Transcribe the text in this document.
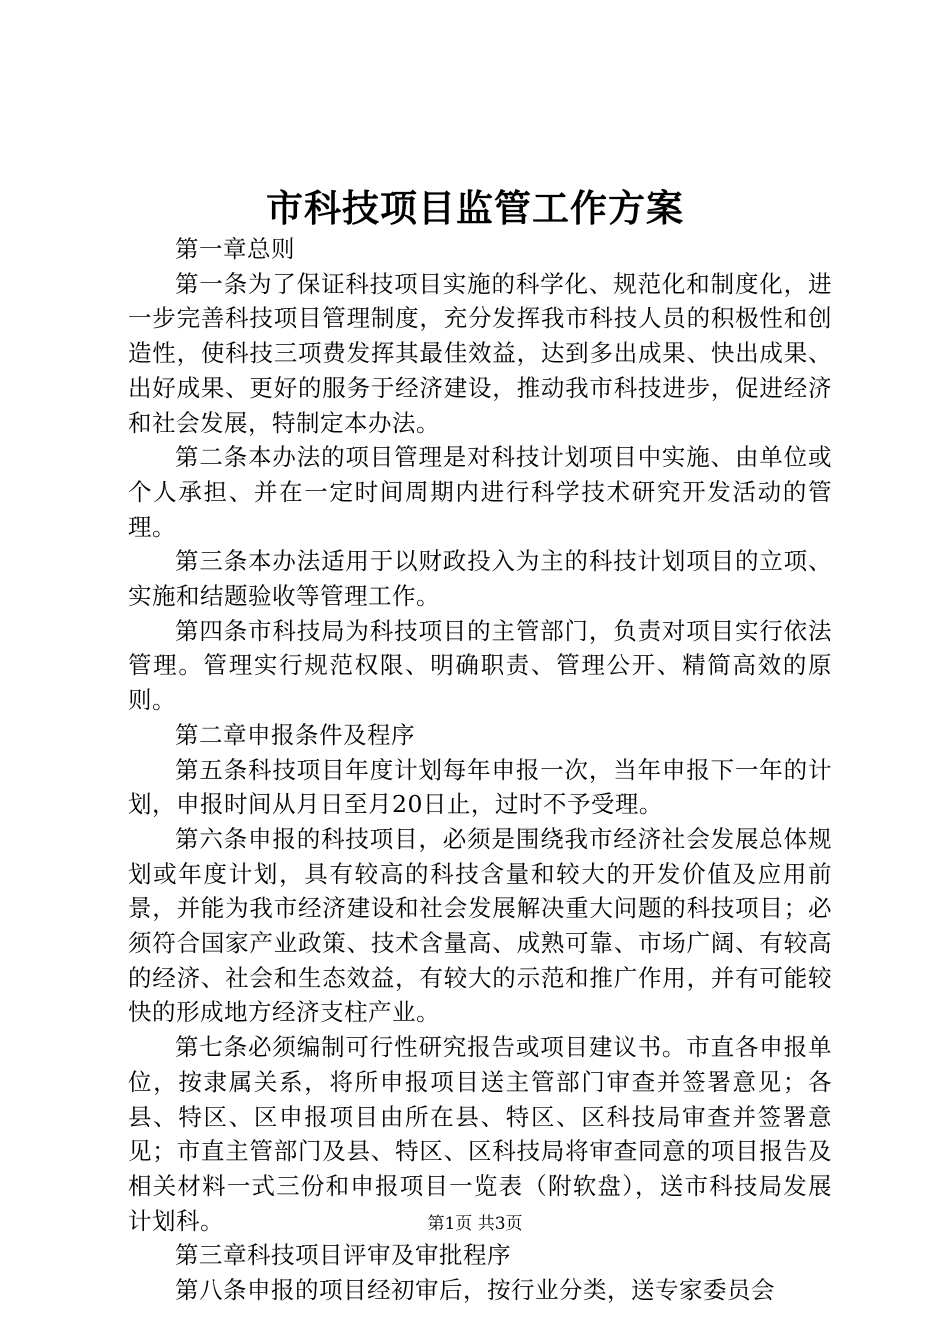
市科技项目监管工作方案

第一章总则

第一条为了保证科技项目实施的科学化、规范化和制度化，进一步完善科技项目管理制度，充分发挥我市科技人员的积极性和创造性，使科技三项费发挥其最佳效益，达到多出成果、快出成果、出好成果、更好的服务于经济建设，推动我市科技进步，促进经济和社会发展，特制定本办法。

第二条本办法的项目管理是对科技计划项目中实施、由单位或个人承担、并在一定时间周期内进行科学技术研究开发活动的管理。

第三条本办法适用于以财政投入为主的科技计划项目的立项、实施和结题验收等管理工作。

第四条市科技局为科技项目的主管部门，负责对项目实行依法管理。管理实行规范权限、明确职责、管理公开、精简高效的原则。

第二章申报条件及程序

第五条科技项目年度计划每年申报一次，当年申报下一年的计划，申报时间从月日至月20日止，过时不予受理。

第六条申报的科技项目，必须是围绕我市经济社会发展总体规划或年度计划，具有较高的科技含量和较大的开发价值及应用前景，并能为我市经济建设和社会发展解决重大问题的科技项目；必须符合国家产业政策、技术含量高、成熟可靠、市场广阔、有较高的经济、社会和生态效益，有较大的示范和推广作用，并有可能较快的形成地方经济支柱产业。

第七条必须编制可行性研究报告或项目建议书。市直各申报单位，按隶属关系，将所申报项目送主管部门审查并签署意见；各县、特区、区申报项目由所在县、特区、区科技局审查并签署意见；市直主管部门及县、特区、区科技局将审查同意的项目报告及相关材料一式三份和申报项目一览表（附软盘），送市科技局发展计划科。

第三章科技项目评审及审批程序

第八条申报的项目经初审后，按行业分类，送专家委员会

第1页 共3页
